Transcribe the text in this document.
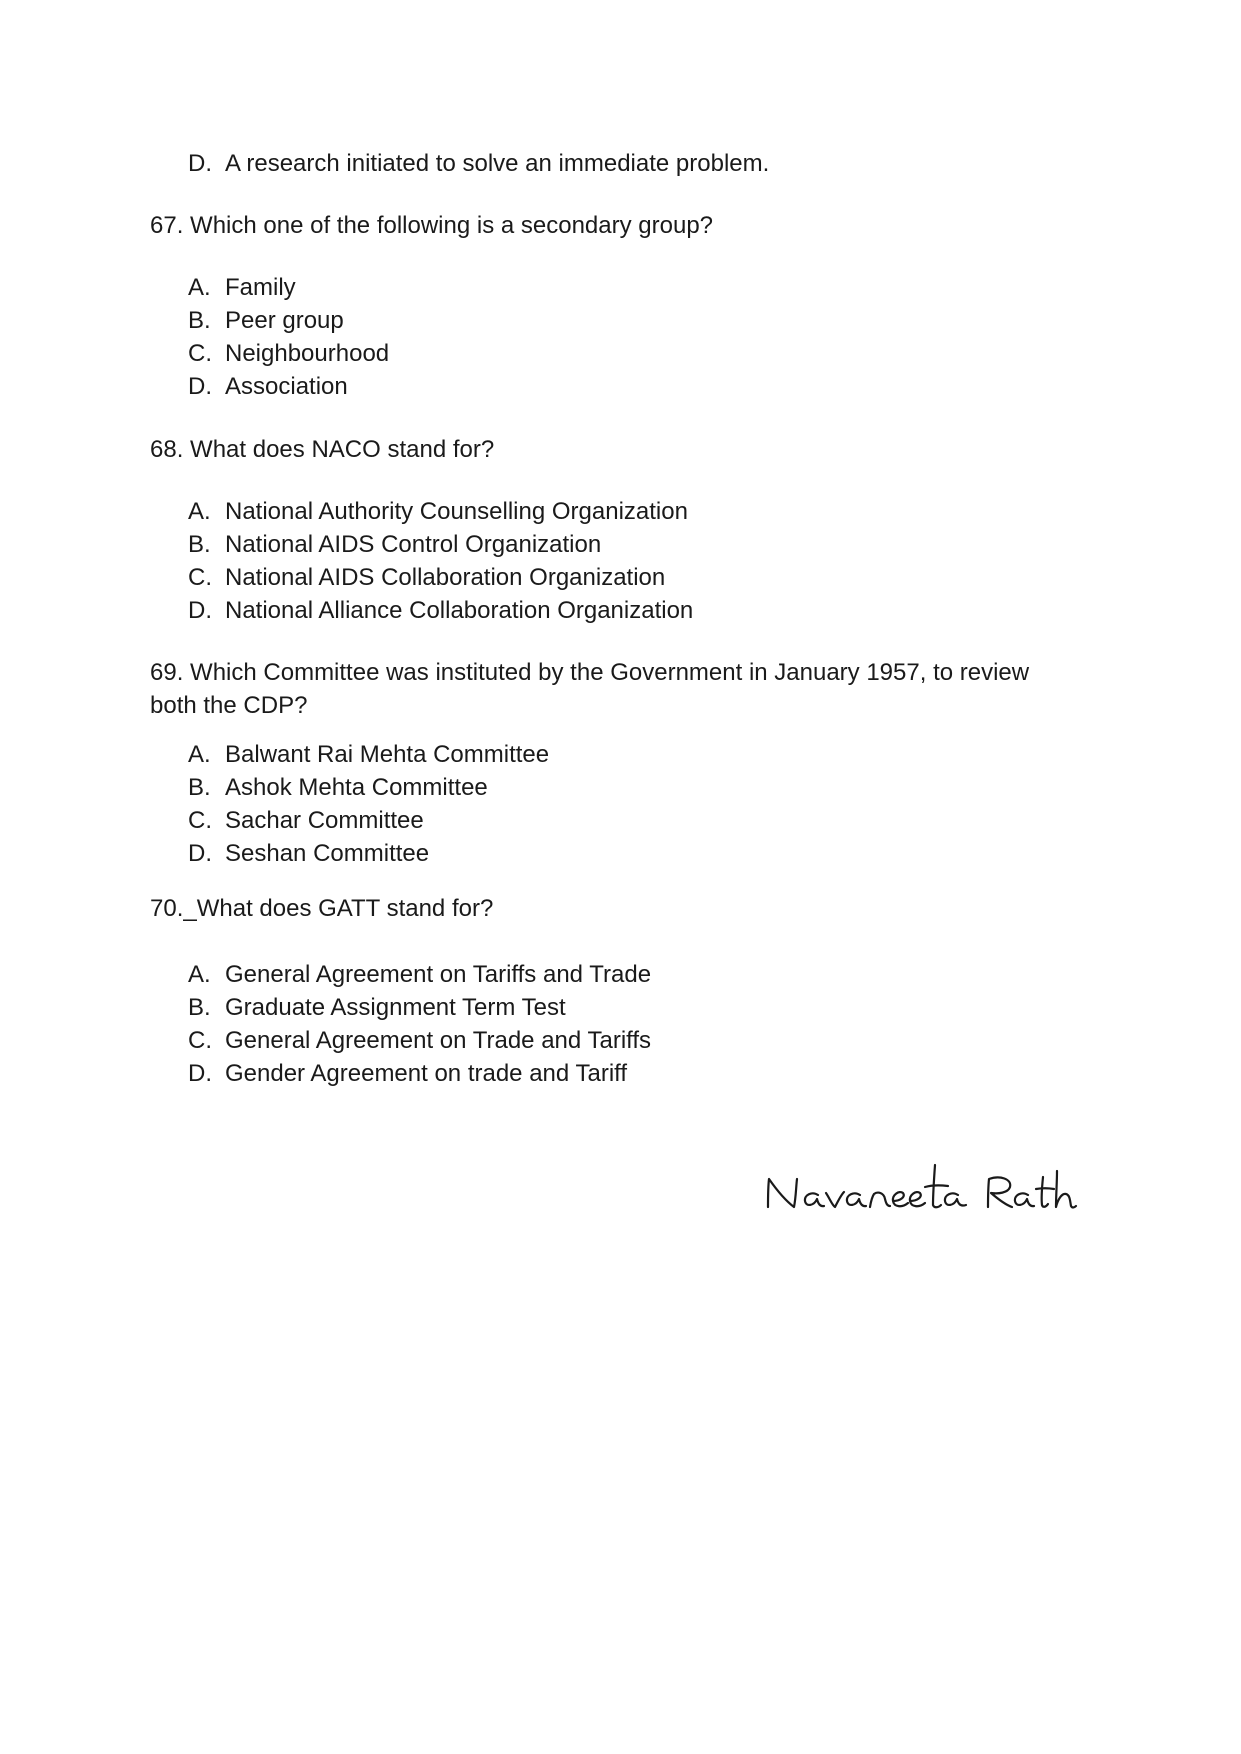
D. A research initiated to solve an immediate problem.
67. Which one of the following is a secondary group?
A. Family
B. Peer group
C. Neighbourhood
D. Association
68. What does NACO stand for?
A. National Authority Counselling Organization
B. National AIDS Control Organization
C. National AIDS Collaboration Organization
D. National Alliance Collaboration Organization
69. Which Committee was instituted by the Government in January 1957, to review
both the CDP?
A. Balwant Rai Mehta Committee
B. Ashok Mehta Committee
C. Sachar Committee
D. Seshan Committee
70._What does GATT stand for?
A. General Agreement on Tariffs and Trade
B. Graduate Assignment Term Test
C. General Agreement on Trade and Tariffs
D. Gender Agreement on trade and Tariff
